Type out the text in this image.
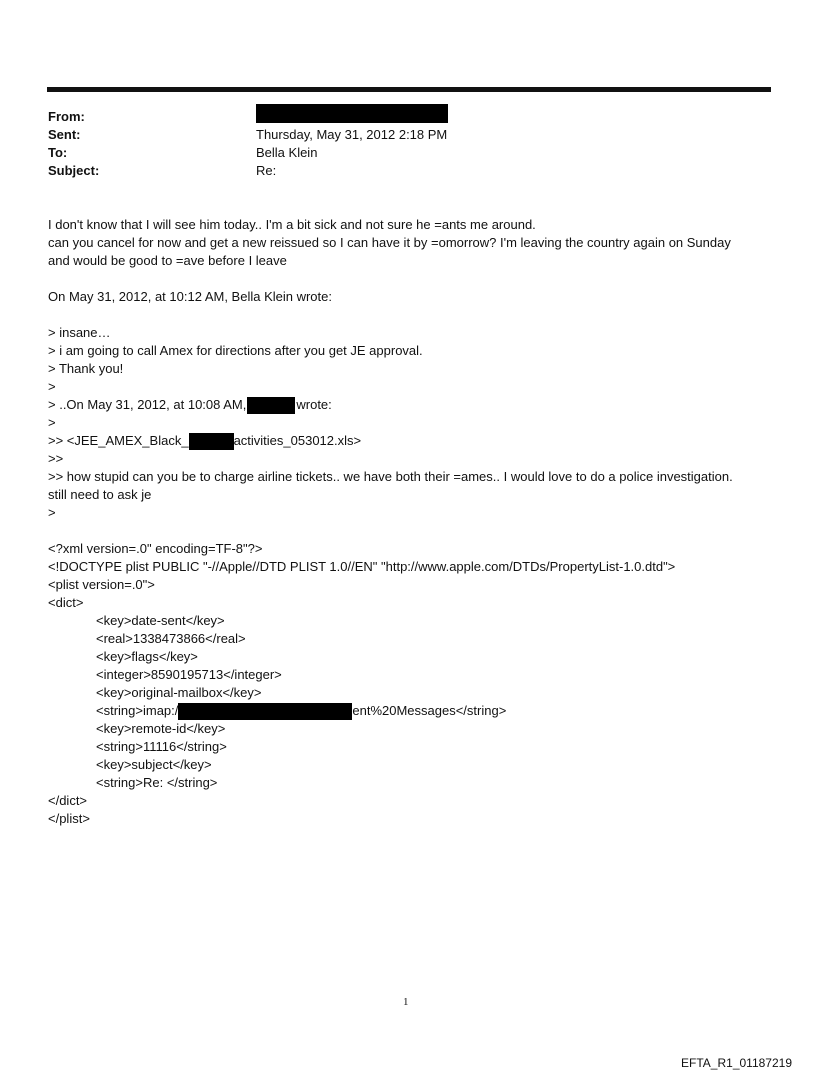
From:
Sent:	Thursday, May 31, 2012 2:18 PM
To:	Bella Klein
Subject:	Re:
I don't know that I will see him today.. I'm a bit sick and not sure he =ants me around.
can you cancel for now and get a new reissued so I can have it by =omorrow? I'm leaving the country again on Sunday
and would be good to =ave before I leave
On May 31, 2012, at 10:12 AM, Bella Klein wrote:
> insane…
> i am going to call Amex for directions after you get JE approval.
> Thank you!
>
> ..On May 31, 2012, at 10:08 AM,	wrote:
>
>> <JEE_AMEX_Black_	activities_053012.xls>
>>
>> how stupid can you be to charge airline tickets.. we have both their =ames.. I would love to do a police investigation.
still need to ask je
>
<?xml version=.0" encoding=TF-8"?>
<!DOCTYPE plist PUBLIC "-//Apple//DTD PLIST 1.0//EN" "http://www.apple.com/DTDs/PropertyList-1.0.dtd">
<plist version=.0">
<dict>
<key>date-sent</key>
<real>1338473866</real>
<key>flags</key>
<integer>8590195713</integer>
<key>original-mailbox</key>
<string>imap:/	ent%20Messages</string>
<key>remote-id</key>
<string>11116</string>
<key>subject</key>
<string>Re: </string>
</dict>
</plist>
1
EFTA_R1_01187219
